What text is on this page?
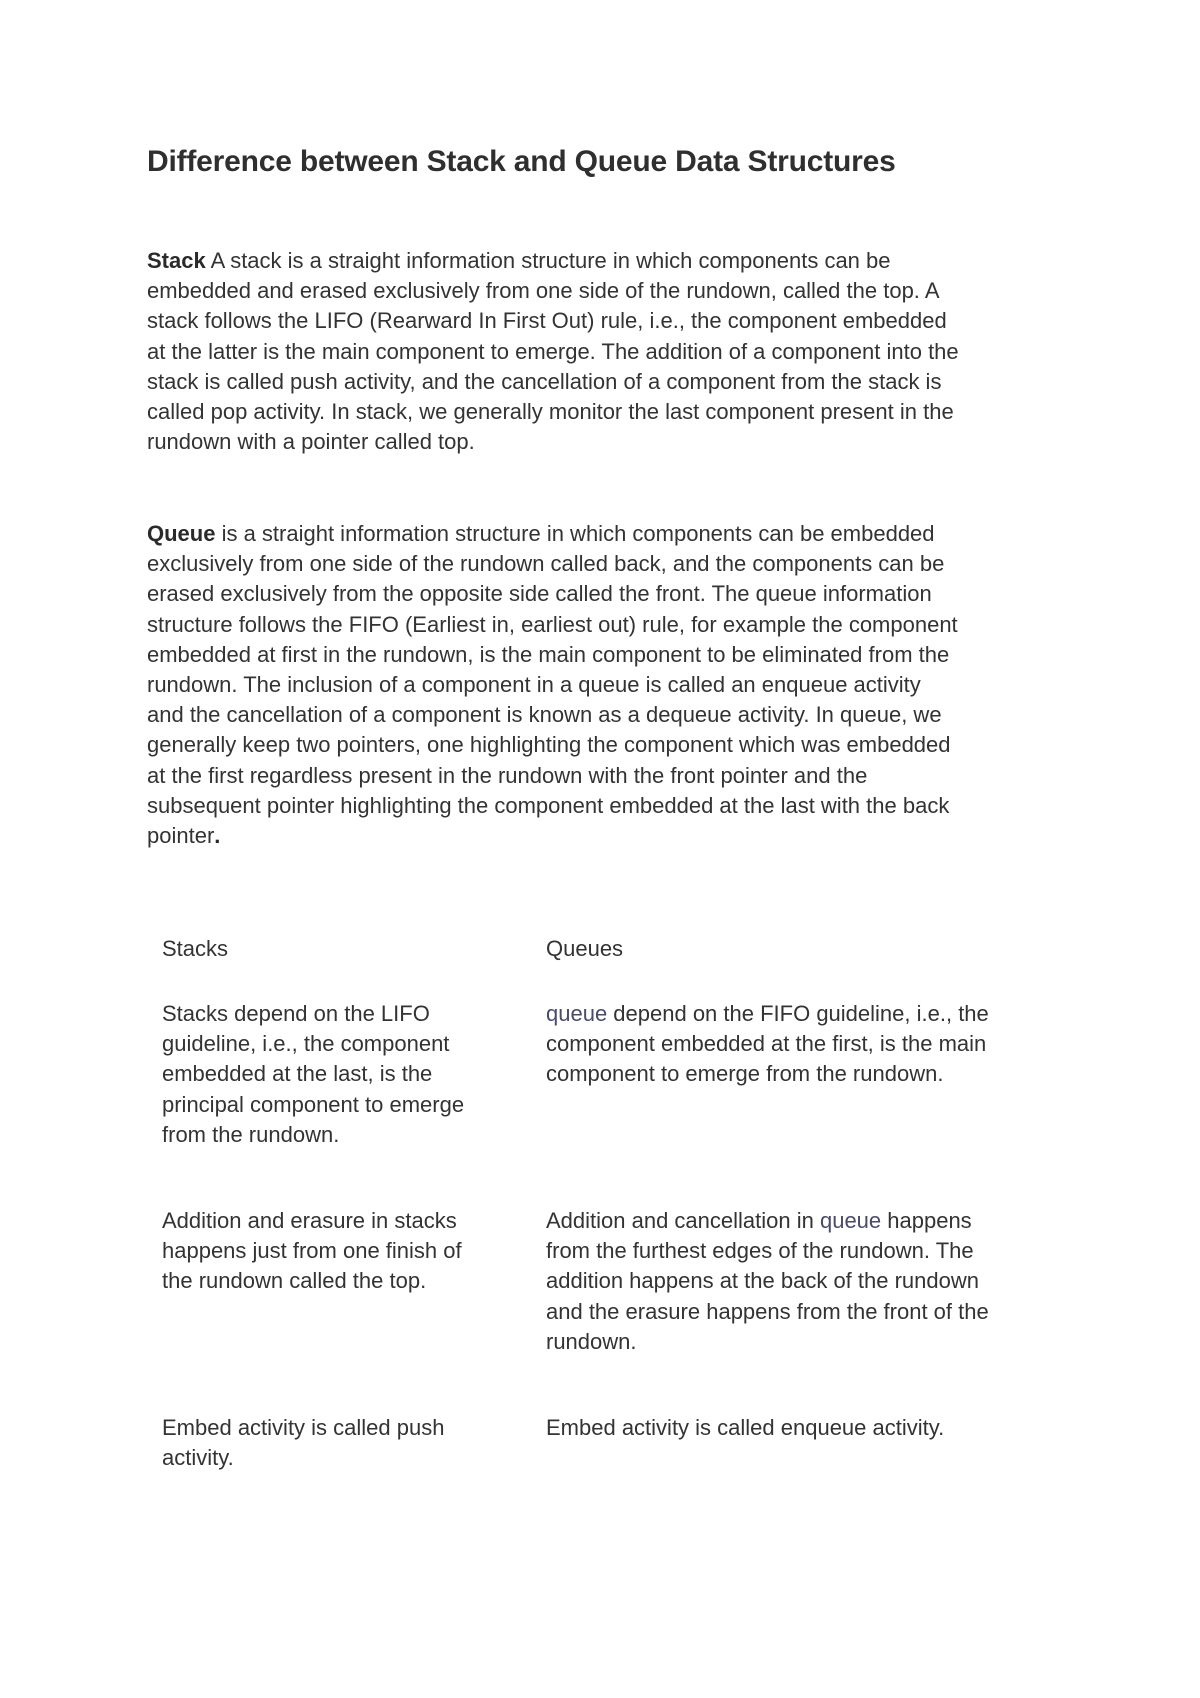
Difference between Stack and Queue Data Structures

Stack A stack is a straight information structure in which components can be
embedded and erased exclusively from one side of the rundown, called the top. A
stack follows the LIFO (Rearward In First Out) rule, i.e., the component embedded
at the latter is the main component to emerge. The addition of a component into the
stack is called push activity, and the cancellation of a component from the stack is
called pop activity. In stack, we generally monitor the last component present in the
rundown with a pointer called top.

Queue is a straight information structure in which components can be embedded
exclusively from one side of the rundown called back, and the components can be
erased exclusively from the opposite side called the front. The queue information
structure follows the FIFO (Earliest in, earliest out) rule, for example the component
embedded at first in the rundown, is the main component to be eliminated from the
rundown. The inclusion of a component in a queue is called an enqueue activity
and the cancellation of a component is known as a dequeue activity. In queue, we
generally keep two pointers, one highlighting the component which was embedded
at the first regardless present in the rundown with the front pointer and the
subsequent pointer highlighting the component embedded at the last with the back
pointer.

Stacks	Queues
Stacks depend on the LIFO
guideline, i.e., the component
embedded at the last, is the
principal component to emerge
from the rundown.
queue depend on the FIFO guideline, i.e., the
component embedded at the first, is the main
component to emerge from the rundown.
Addition and erasure in stacks
happens just from one finish of
the rundown called the top.
Addition and cancellation in queue happens
from the furthest edges of the rundown. The
addition happens at the back of the rundown
and the erasure happens from the front of the
rundown.
Embed activity is called push
activity.
Embed activity is called enqueue activity.
